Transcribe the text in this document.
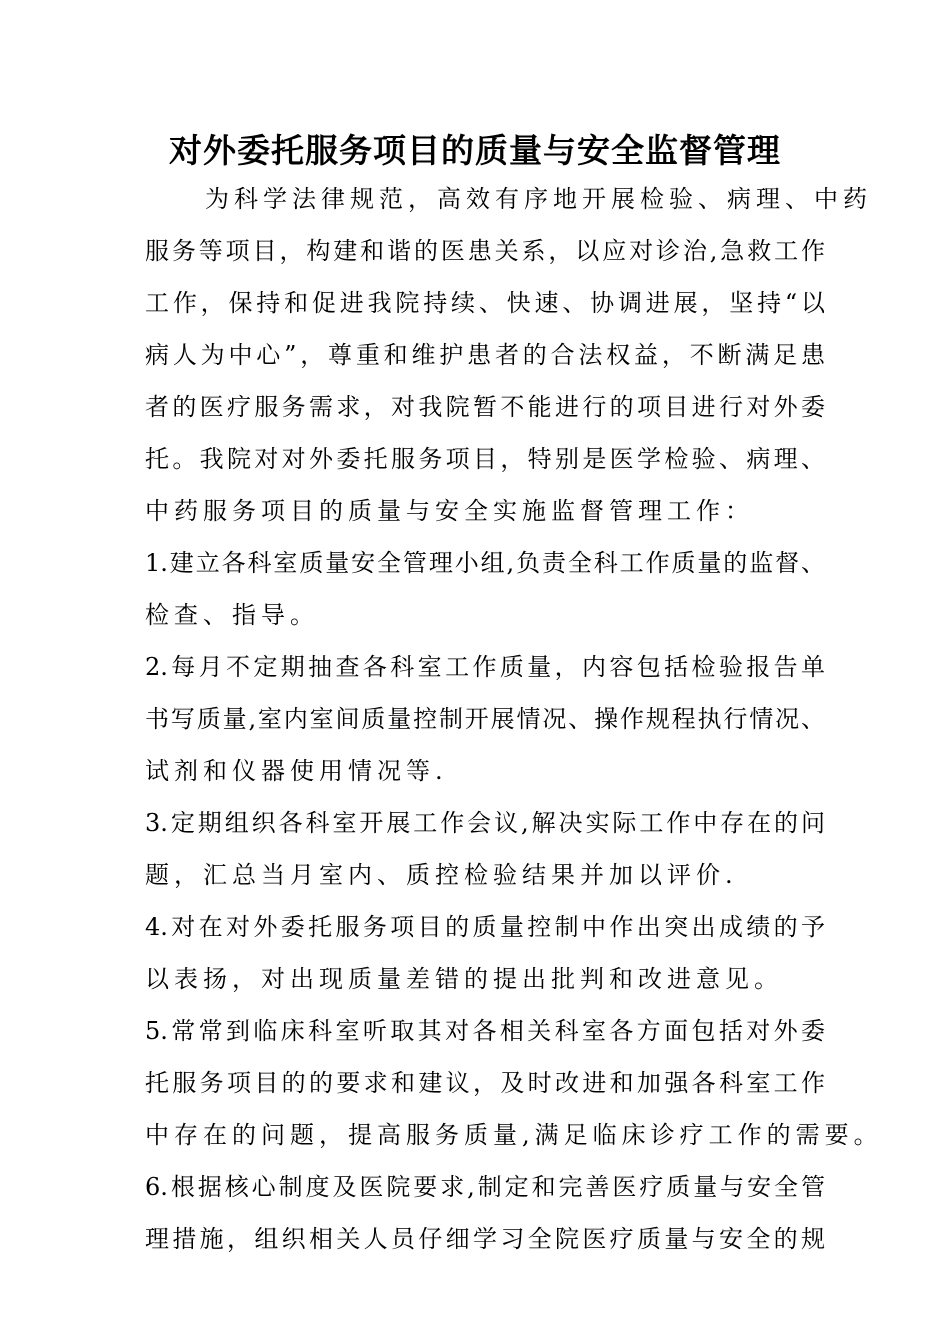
对外委托服务项目的质量与安全监督管理
为科学法律规范，高效有序地开展检验、病理、中药
服务等项目，构建和谐的医患关系，以应对诊治,急救工作
工作，保持和促进我院持续、快速、协调进展，坚持“以
病人为中心”，尊重和维护患者的合法权益，不断满足患
者的医疗服务需求，对我院暂不能进行的项目进行对外委
托。我院对对外委托服务项目，特别是医学检验、病理、
中药服务项目的质量与安全实施监督管理工作：
1.建立各科室质量安全管理小组,负责全科工作质量的监督、
检查、指导。
2.每月不定期抽查各科室工作质量，内容包括检验报告单
书写质量,室内室间质量控制开展情况、操作规程执行情况、
试剂和仪器使用情况等.
3.定期组织各科室开展工作会议,解决实际工作中存在的问
题，汇总当月室内、质控检验结果并加以评价.
4.对在对外委托服务项目的质量控制中作出突出成绩的予
以表扬，对出现质量差错的提出批判和改进意见。
5.常常到临床科室听取其对各相关科室各方面包括对外委
托服务项目的的要求和建议，及时改进和加强各科室工作
中存在的问题，提高服务质量,满足临床诊疗工作的需要。
6.根据核心制度及医院要求,制定和完善医疗质量与安全管
理措施，组织相关人员仔细学习全院医疗质量与安全的规
